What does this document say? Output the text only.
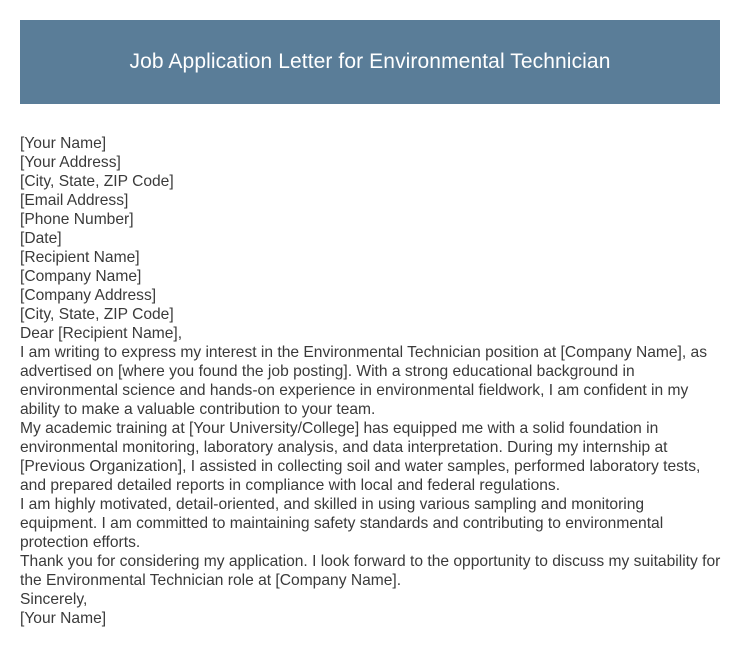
Job Application Letter for Environmental Technician
[Your Name]
[Your Address]
[City, State, ZIP Code]
[Email Address]
[Phone Number]
[Date]
[Recipient Name]
[Company Name]
[Company Address]
[City, State, ZIP Code]
Dear [Recipient Name],
I am writing to express my interest in the Environmental Technician position at [Company Name], as advertised on [where you found the job posting]. With a strong educational background in environmental science and hands-on experience in environmental fieldwork, I am confident in my ability to make a valuable contribution to your team.
My academic training at [Your University/College] has equipped me with a solid foundation in environmental monitoring, laboratory analysis, and data interpretation. During my internship at [Previous Organization], I assisted in collecting soil and water samples, performed laboratory tests, and prepared detailed reports in compliance with local and federal regulations.
I am highly motivated, detail-oriented, and skilled in using various sampling and monitoring equipment. I am committed to maintaining safety standards and contributing to environmental protection efforts.
Thank you for considering my application. I look forward to the opportunity to discuss my suitability for the Environmental Technician role at [Company Name].
Sincerely,
[Your Name]
